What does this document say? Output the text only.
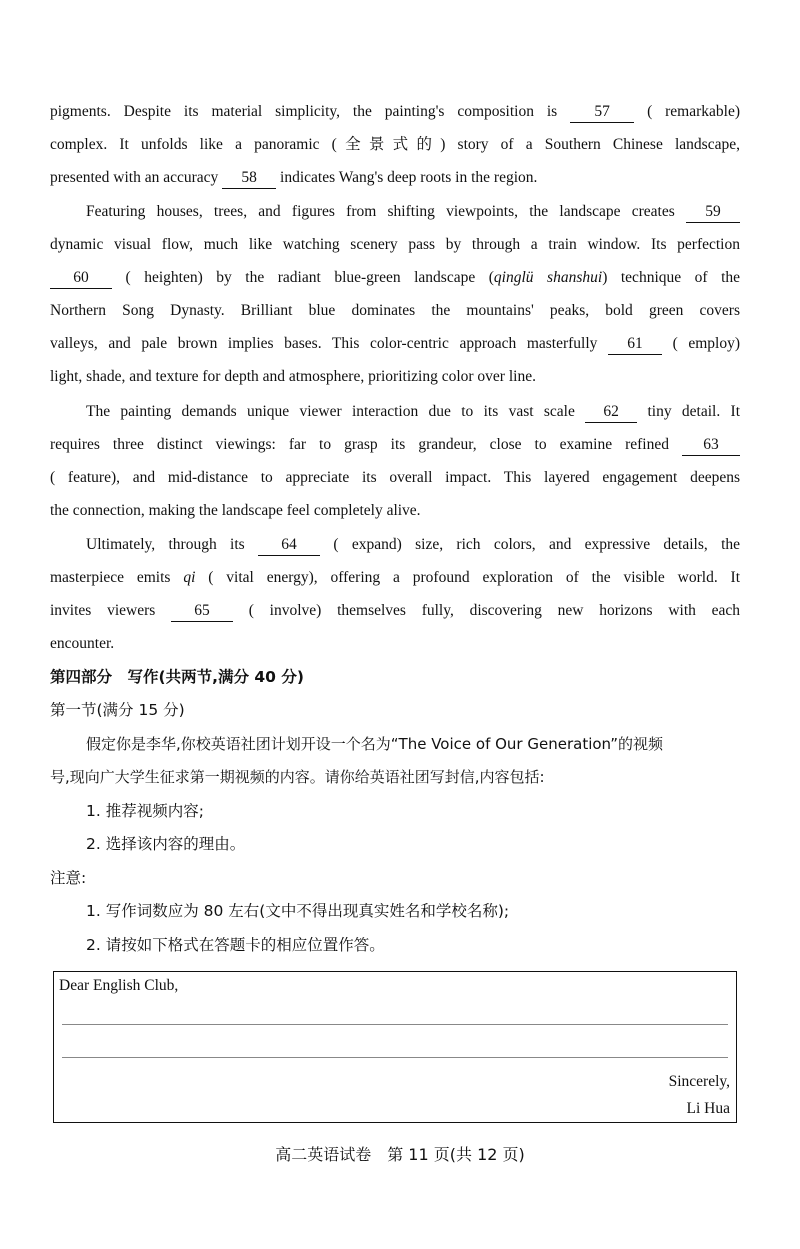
pigments. Despite its material simplicity, the painting's composition is 57 ( remarkable)
complex. It unfolds like a panoramic (全景式的) story of a Southern Chinese landscape,
presented with an accuracy 58 indicates Wang's deep roots in the region.
Featuring houses, trees, and figures from shifting viewpoints, the landscape creates 59
dynamic visual flow, much like watching scenery pass by through a train window. Its perfection
60 ( heighten) by the radiant blue-green landscape (qinglü shanshui) technique of the
Northern Song Dynasty. Brilliant blue dominates the mountains' peaks, bold green covers
valleys, and pale brown implies bases. This color-centric approach masterfully 61 ( employ)
light, shade, and texture for depth and atmosphere, prioritizing color over line.
The painting demands unique viewer interaction due to its vast scale 62 tiny detail. It
requires three distinct viewings: far to grasp its grandeur, close to examine refined 63
( feature), and mid-distance to appreciate its overall impact. This layered engagement deepens
the connection, making the landscape feel completely alive.
Ultimately, through its 64 ( expand) size, rich colors, and expressive details, the
masterpiece emits qi ( vital energy), offering a profound exploration of the visible world. It
invites viewers	65	( involve) themselves fully, discovering new horizons with each
encounter.
第四部分　写作(共两节,满分 40 分)
第一节(满分 15 分)
假定你是李华,你校英语社团计划开设一个名为“The Voice of Our Generation”的视频
号,现向广大学生征求第一期视频的内容。请你给英语社团写封信,内容包括:
1. 推荐视频内容;
2. 选择该内容的理由。
注意:
1. 写作词数应为 80 左右(文中不得出现真实姓名和学校名称);
2. 请按如下格式在答题卡的相应位置作答。
Dear English Club,
Sincerely,
Li Hua
高二英语试卷　第 11 页(共 12 页)
